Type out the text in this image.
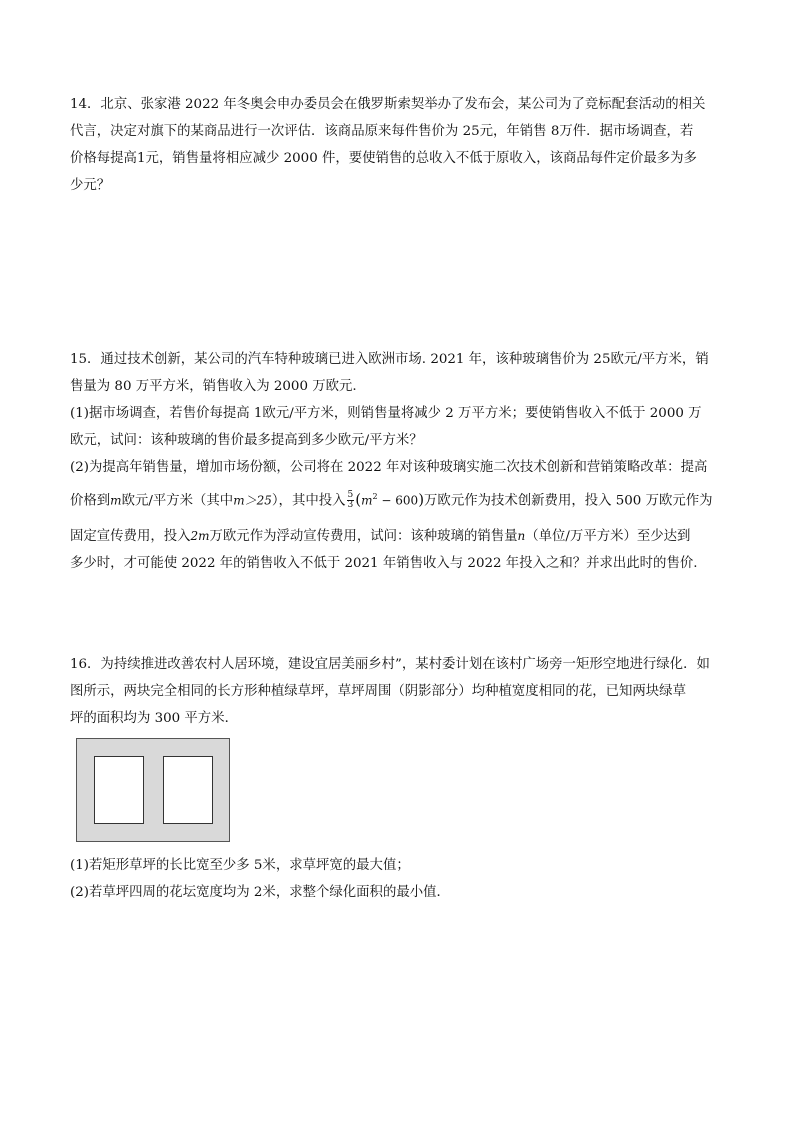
14．北京、张家港 2022 年冬奥会申办委员会在俄罗斯索契举办了发布会，某公司为了竞标配套活动的相关
代言，决定对旗下的某商品进行一次评估．该商品原来每件售价为 25元，年销售 8万件．据市场调查，若
价格每提高1元，销售量将相应减少 2000 件，要使销售的总收入不低于原收入，该商品每件定价最多为多
少元？
15．通过技术创新，某公司的汽车特种玻璃已进入欧洲市场. 2021 年，该种玻璃售价为 25欧元/平方米，销
售量为 80 万平方米，销售收入为 2000 万欧元.
(1)据市场调查，若售价每提高 1欧元/平方米，则销售量将减少 2 万平方米；要使销售收入不低于 2000 万
欧元，试问：该种玻璃的售价最多提高到多少欧元/平方米？
(2)为提高年销售量，增加市场份额，公司将在 2022 年对该种玻璃实施二次技术创新和营销策略改革：提高
价格到m欧元/平方米（其中m＞25），其中投入 $\frac{5}{3} (m^2 - 600)$万欧元作为技术创新费用，投入 500 万欧元作为
固定宣传费用，投入2m万欧元作为浮动宣传费用，试问：该种玻璃的销售量n（单位/万平方米）至少达到
多少时，才可能使 2022 年的销售收入不低于 2021 年销售收入与 2022 年投入之和？并求出此时的售价.
16．为持续推进改善农村人居环境，建设宜居美丽乡村”，某村委计划在该村广场旁一矩形空地进行绿化．如
图所示，两块完全相同的长方形种植绿草坪，草坪周围（阴影部分）均种植宽度相同的花，已知两块绿草
坪的面积均为 300 平方米．
(1)若矩形草坪的长比宽至少多 5米，求草坪宽的最大值；
(2)若草坪四周的花坛宽度均为 2米，求整个绿化面积的最小值．
